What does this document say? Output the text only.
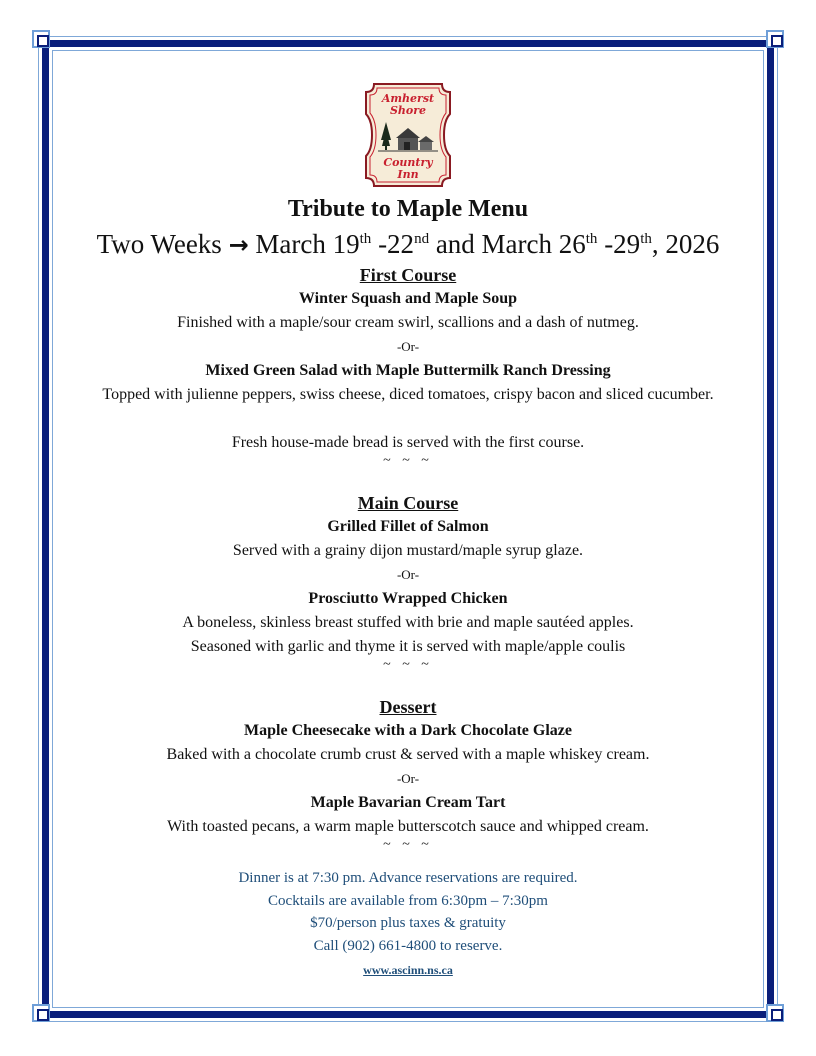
Amherst
Shore
Country
Inn
Tribute to Maple Menu
Two Weeks → March 19th -22nd and March 26th -29th, 2026
First Course
Winter Squash and Maple Soup
Finished with a maple/sour cream swirl, scallions and a dash of nutmeg.
-Or-
Mixed Green Salad with Maple Buttermilk Ranch Dressing
Topped with julienne peppers, swiss cheese, diced tomatoes, crispy bacon and sliced cucumber.
Fresh house-made bread is served with the first course.
~ ~ ~
Main Course
Grilled Fillet of Salmon
Served with a grainy dijon mustard/maple syrup glaze.
-Or-
Prosciutto Wrapped Chicken
A boneless, skinless breast stuffed with brie and maple sautéed apples.
Seasoned with garlic and thyme it is served with maple/apple coulis
~ ~ ~
Dessert
Maple Cheesecake with a Dark Chocolate Glaze
Baked with a chocolate crumb crust & served with a maple whiskey cream.
-Or-
Maple Bavarian Cream Tart
With toasted pecans, a warm maple butterscotch sauce and whipped cream.
~ ~ ~
Dinner is at 7:30 pm. Advance reservations are required.
Cocktails are available from 6:30pm – 7:30pm
$70/person plus taxes & gratuity
Call (902) 661-4800 to reserve.
www.ascinn.ns.ca
